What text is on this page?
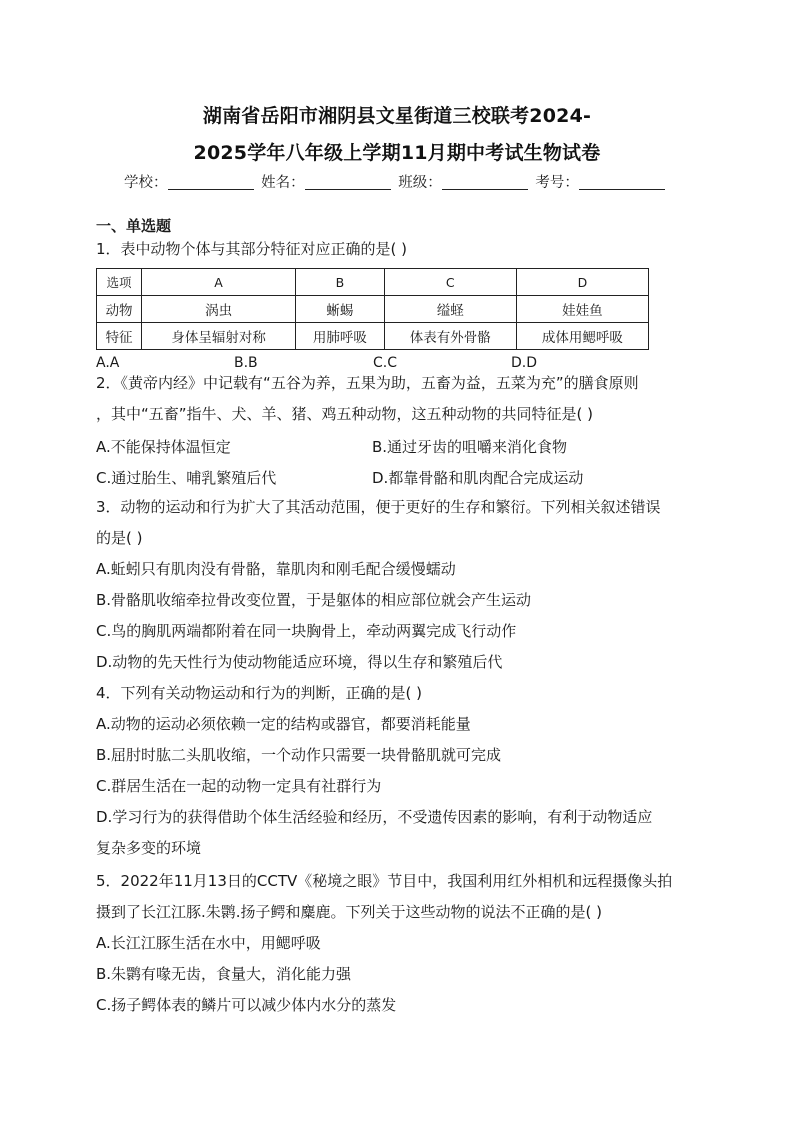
湖南省岳阳市湘阴县文星街道三校联考2024-
2025学年八年级上学期11月期中考试生物试卷
学校：	姓名：	班级：	考号：
一、单选题
1．表中动物个体与其部分特征对应正确的是( )
选项	A	B	C	D
动物	涡虫	蜥蜴	缢蛏	娃娃鱼
特征	身体呈辐射对称	用肺呼吸	体表有外骨骼	成体用鳃呼吸
A.A	B.B	C.C	D.D
2．《黄帝内经》中记载有“五谷为养，五果为助，五畜为益，五菜为充”的膳食原则
，其中“五畜”指牛、犬、羊、猪、鸡五种动物，这五种动物的共同特征是( )
A.不能保持体温恒定	B.通过牙齿的咀嚼来消化食物
C.通过胎生、哺乳繁殖后代	D.都靠骨骼和肌肉配合完成运动
3．动物的运动和行为扩大了其活动范围，便于更好的生存和繁衍。下列相关叙述错误
的是( )
A.蚯蚓只有肌肉没有骨骼，靠肌肉和刚毛配合缓慢蠕动
B.骨骼肌收缩牵拉骨改变位置，于是躯体的相应部位就会产生运动
C.鸟的胸肌两端都附着在同一块胸骨上，牵动两翼完成飞行动作
D.动物的先天性行为使动物能适应环境，得以生存和繁殖后代
4．下列有关动物运动和行为的判断，正确的是( )
A.动物的运动必须依赖一定的结构或器官，都要消耗能量
B.屈肘时肱二头肌收缩，一个动作只需要一块骨骼肌就可完成
C.群居生活在一起的动物一定具有社群行为
D.学习行为的获得借助个体生活经验和经历，不受遗传因素的影响，有利于动物适应
复杂多变的环境
5．2022年11月13日的CCTV《秘境之眼》节目中，我国利用红外相机和远程摄像头拍
摄到了长江江豚.朱鹮.扬子鳄和麋鹿。下列关于这些动物的说法不正确的是( )
A.长江江豚生活在水中，用鳃呼吸
B.朱鹮有喙无齿，食量大，消化能力强
C.扬子鳄体表的鳞片可以减少体内水分的蒸发
